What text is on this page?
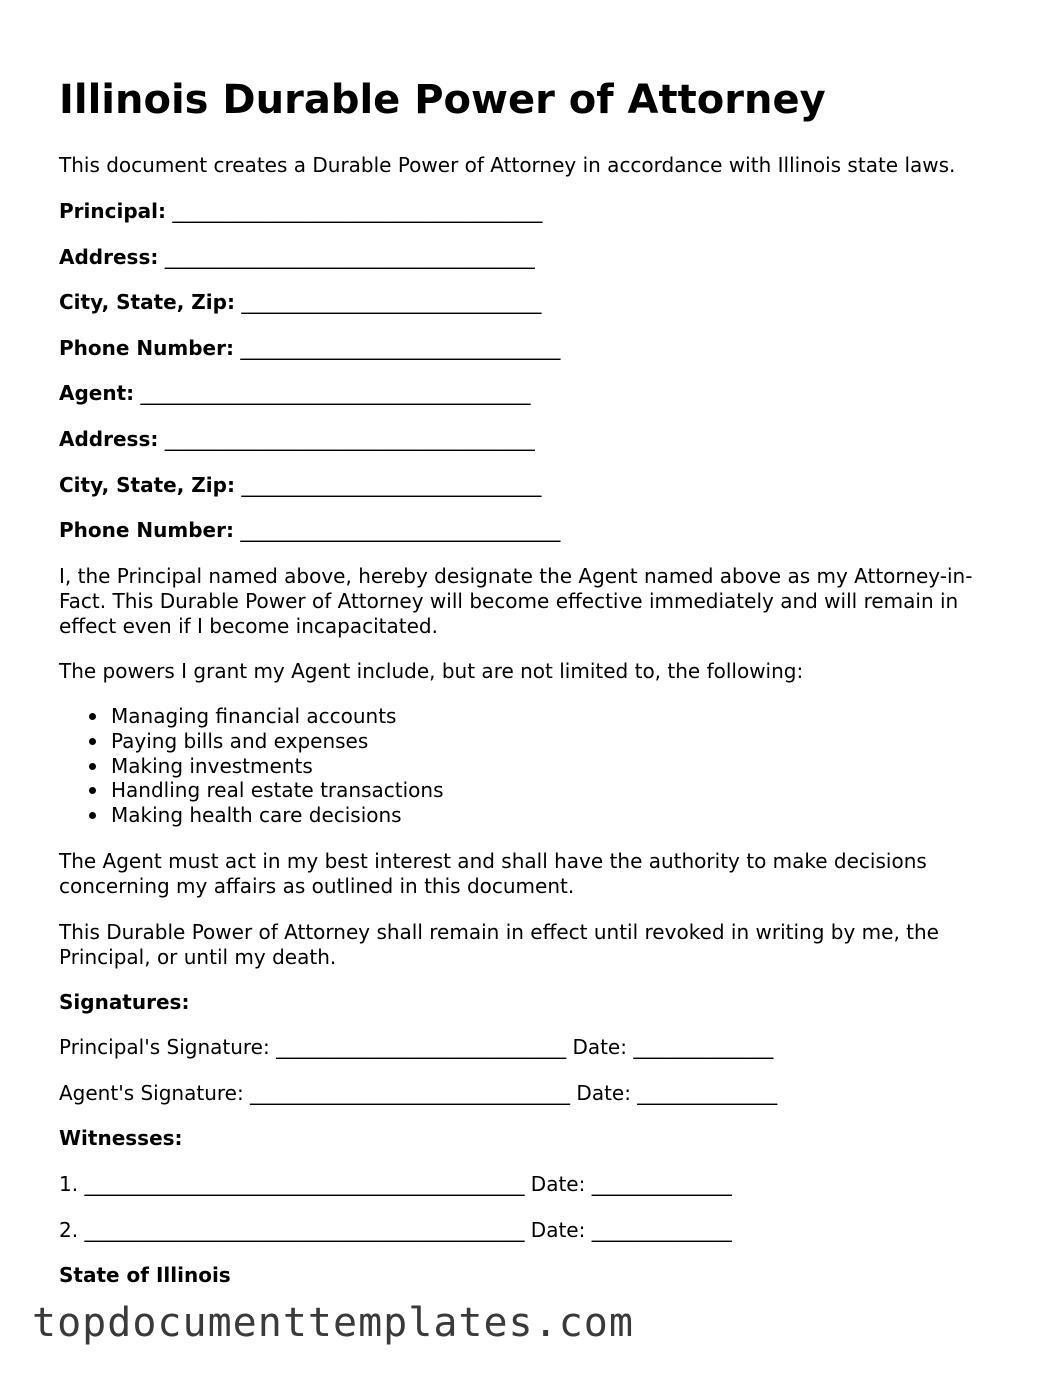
Illinois Durable Power of Attorney

This document creates a Durable Power of Attorney in accordance with Illinois state laws.

Principal: _____________________________________

Address: _____________________________________

City, State, Zip: ______________________________

Phone Number: ________________________________

Agent: _______________________________________

Address: _____________________________________

City, State, Zip: ______________________________

Phone Number: ________________________________

I, the Principal named above, hereby designate the Agent named above as my Attorney-in-Fact. This Durable Power of Attorney will become effective immediately and will remain in effect even if I become incapacitated.

The powers I grant my Agent include, but are not limited to, the following:

Managing financial accounts
Paying bills and expenses
Making investments
Handling real estate transactions
Making health care decisions

The Agent must act in my best interest and shall have the authority to make decisions concerning my affairs as outlined in this document.

This Durable Power of Attorney shall remain in effect until revoked in writing by me, the Principal, or until my death.

Signatures:

Principal's Signature: _____________________________ Date: ______________

Agent's Signature: ________________________________ Date: ______________

Witnesses:

1. ____________________________________________ Date: ______________

2. ____________________________________________ Date: ______________

State of Illinois

topdocumenttemplates.com
